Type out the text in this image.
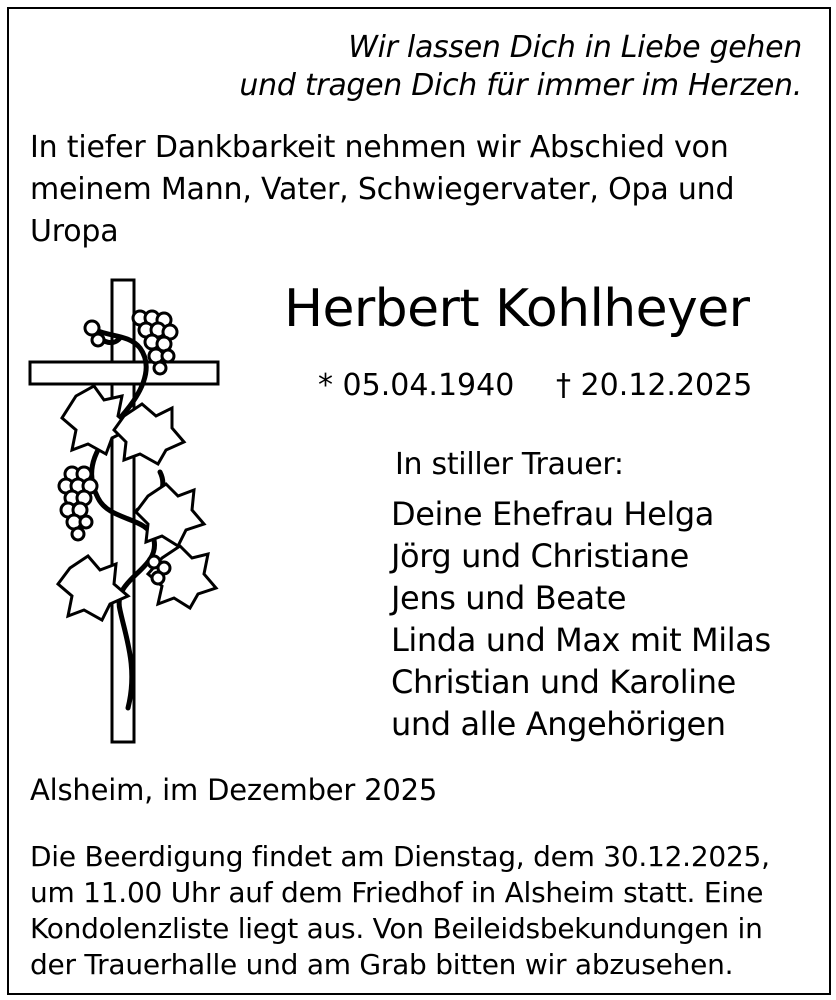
Wir lassen Dich in Liebe gehen
und tragen Dich für immer im Herzen.
In tiefer Dankbarkeit nehmen wir Abschied von
meinem Mann, Vater, Schwiegervater, Opa und
Uropa
Herbert Kohlheyer
* 05.04.1940 † 20.12.2025
In stiller Trauer:
Deine Ehefrau Helga
Jörg und Christiane
Jens und Beate
Linda und Max mit Milas
Christian und Karoline
und alle Angehörigen
Alsheim, im Dezember 2025
Die Beerdigung findet am Dienstag, dem 30.12.2025,
um 11.00 Uhr auf dem Friedhof in Alsheim statt. Eine
Kondolenzliste liegt aus. Von Beileidsbekundungen in
der Trauerhalle und am Grab bitten wir abzusehen.
